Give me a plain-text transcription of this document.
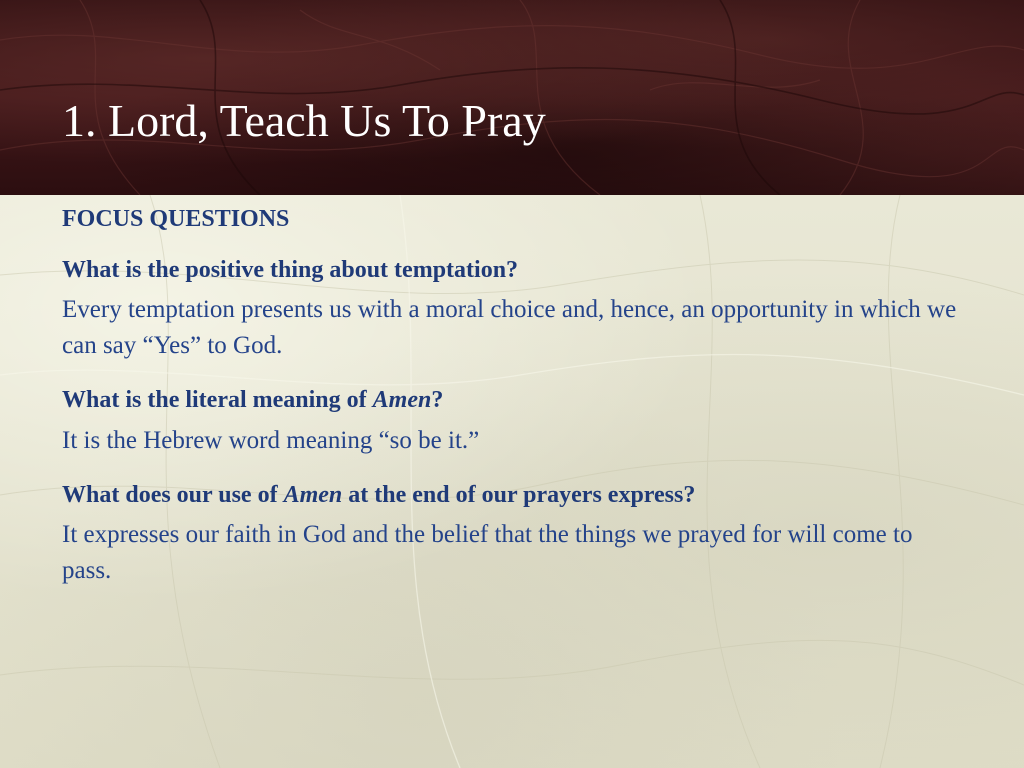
1. Lord, Teach Us To Pray

FOCUS QUESTIONS

What is the positive thing about temptation?

Every temptation presents us with a moral choice and, hence, an opportunity in which we can say “Yes” to God.

What is the literal meaning of Amen?

It is the Hebrew word meaning “so be it.”

What does our use of Amen at the end of our prayers express?

It expresses our faith in God and the belief that the things we prayed for will come to pass.
